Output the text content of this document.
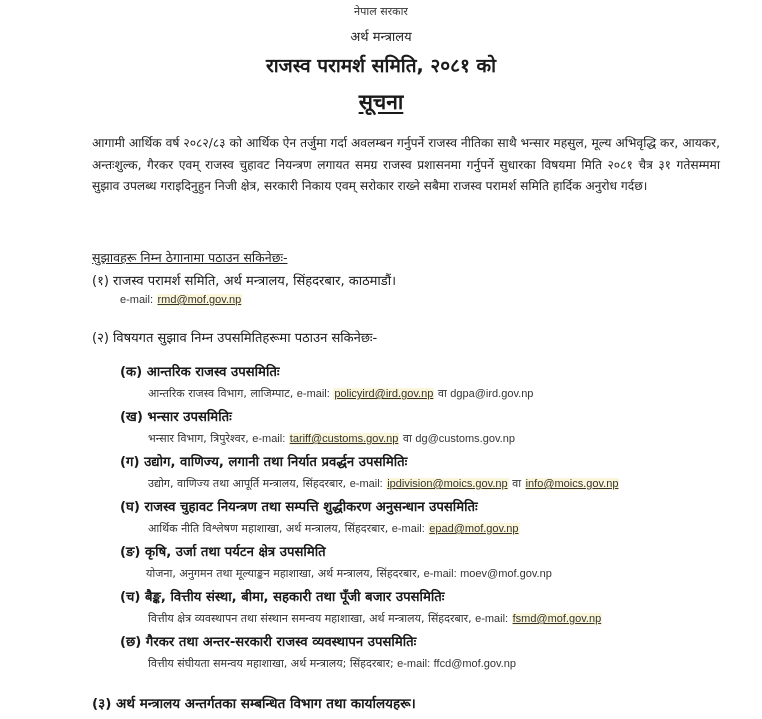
नेपाल सरकार
अर्थ मन्त्रालय
राजस्व परामर्श समिति, २०८१ को
सूचना
आगामी आर्थिक वर्ष २०८२/८३ को आर्थिक ऐन तर्जुमा गर्दा अवलम्बन गर्नुपर्ने राजस्व नीतिका साथै भन्सार महसुल, मूल्य अभिवृद्धि कर, आयकर, अन्तःशुल्क, गैरकर एवम् राजस्व चुहावट नियन्त्रण लगायत समग्र राजस्व प्रशासनमा गर्नुपर्ने सुधारका विषयमा मिति २०८१ चैत्र ३१ गतेसम्ममा सुझाव उपलब्ध गराइदिनुहुन निजी क्षेत्र, सरकारी निकाय एवम् सरोकार राख्ने सबैमा राजस्व परामर्श समिति हार्दिक अनुरोध गर्दछ।
सुझावहरू निम्न ठेगानामा पठाउन सकिनेछः-
(१) राजस्व परामर्श समिति, अर्थ मन्त्रालय, सिंहदरबार, काठमाडौं।
e-mail: rmd@mof.gov.np
(२) विषयगत सुझाव निम्न उपसमितिहरूमा पठाउन सकिनेछः-
(क) आन्तरिक राजस्व उपसमितिः
आन्तरिक राजस्व विभाग, लाजिम्पाट, e-mail: policyird@ird.gov.np वा dgpa@ird.gov.np
(ख) भन्सार उपसमितिः
भन्सार विभाग, त्रिपुरेश्वर, e-mail: tariff@customs.gov.np वा dg@customs.gov.np
(ग) उद्योग, वाणिज्य, लगानी तथा निर्यात प्रवर्द्धन उपसमितिः
उद्योग, वाणिज्य तथा आपूर्ति मन्त्रालय, सिंहदरबार, e-mail: ipdivision@moics.gov.np वा info@moics.gov.np
(घ) राजस्व चुहावट नियन्त्रण तथा सम्पत्ति शुद्धीकरण अनुसन्धान उपसमितिः
आर्थिक नीति विश्लेषण महाशाखा, अर्थ मन्त्रालय, सिंहदरबार, e-mail: epad@mof.gov.np
(ङ) कृषि, उर्जा तथा पर्यटन क्षेत्र उपसमिति
योजना, अनुगमन तथा मूल्याङ्कन महाशाखा, अर्थ मन्त्रालय, सिंहदरबार, e-mail: moev@mof.gov.np
(च) बैङ्क, वित्तीय संस्था, बीमा, सहकारी तथा पूँजी बजार उपसमितिः
वित्तीय क्षेत्र व्यवस्थापन तथा संस्थान समन्वय महाशाखा, अर्थ मन्त्रालय, सिंहदरबार, e-mail: fsmd@mof.gov.np
(छ) गैरकर तथा अन्तर-सरकारी राजस्व व्यवस्थापन उपसमितिः
वित्तीय संघीयता समन्वय महाशाखा, अर्थ मन्त्रालय; सिंहदरबार; e-mail: ffcd@mof.gov.np
(३) अर्थ मन्त्रालय अन्तर्गतका सम्बन्धित विभाग तथा कार्यालयहरू।
